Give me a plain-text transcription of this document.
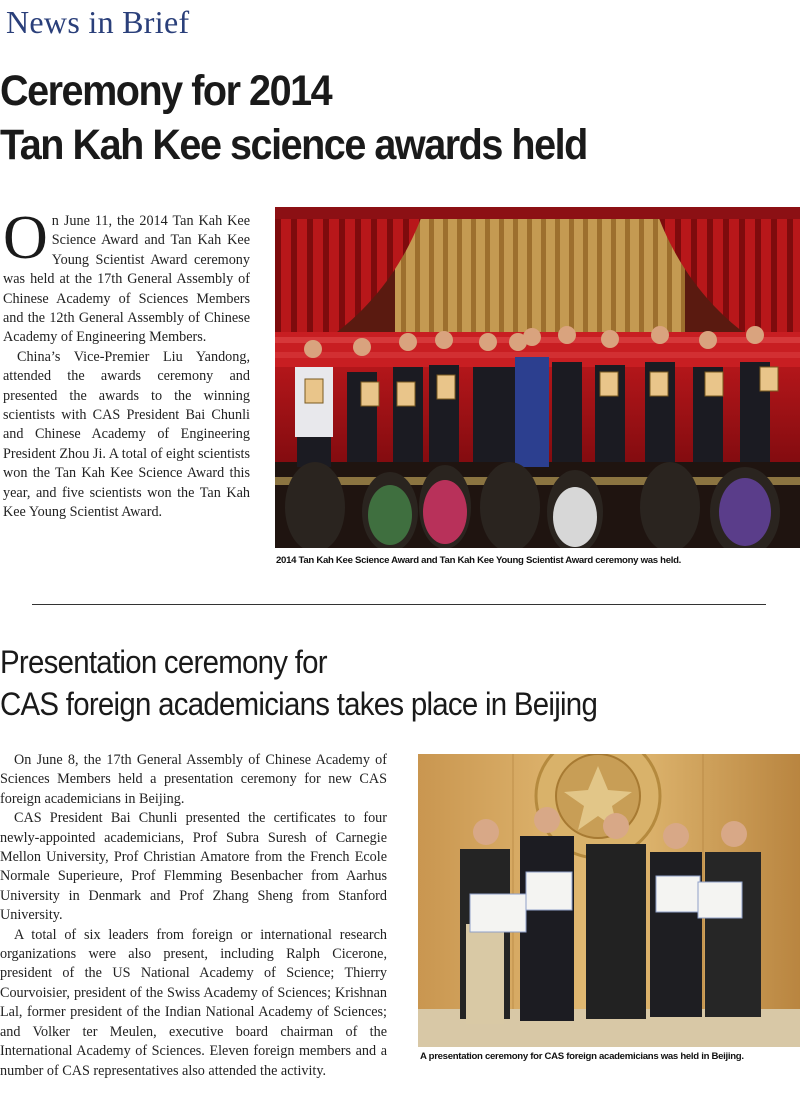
News in Brief
Ceremony for 2014
Tan Kah Kee science awards held

On June 11, the 2014 Tan Kah Kee Science Award and Tan Kah Kee Young Scientist Award ceremony was held at the 17th General Assembly of Chinese Academy of Sciences Members and the 12th General Assembly of Chinese Academy of Engineering Members.

China’s Vice-Premier Liu Yandong, attended the awards ceremony and presented the awards to the winning scientists with CAS President Bai Chunli and Chinese Academy of Engineering President Zhou Ji. A total of eight scientists won the Tan Kah Kee Science Award this year, and five scientists won the Tan Kah Kee Young Scientist Award.

2014 Tan Kah Kee Science Award and Tan Kah Kee Young Scientist Award ceremony was held.
Presentation ceremony for
CAS foreign academicians takes place in Beijing

On June 8, the 17th General Assembly of Chinese Academy of Sciences Members held a presentation ceremony for new CAS foreign academicians in Beijing.

CAS President Bai Chunli presented the certificates to four newly-appointed academicians, Prof Subra Suresh of Carnegie Mellon University, Prof Christian Amatore from the French Ecole Normale Superieure, Prof Flemming Besenbacher from Aarhus University in Denmark and Prof Zhang Sheng from Stanford University.

A total of six leaders from foreign or international research organizations were also present, including Ralph Cicerone, president of the US National Academy of Science; Thierry Courvoisier, president of the Swiss Academy of Sciences; Krishnan Lal, former president of the Indian National Academy of Sciences; and Volker ter Meulen, executive board chairman of the International Academy of Sciences. Eleven foreign members and a number of CAS representatives also attended the activity.

A presentation ceremony for CAS foreign academicians was held in Beijing.
